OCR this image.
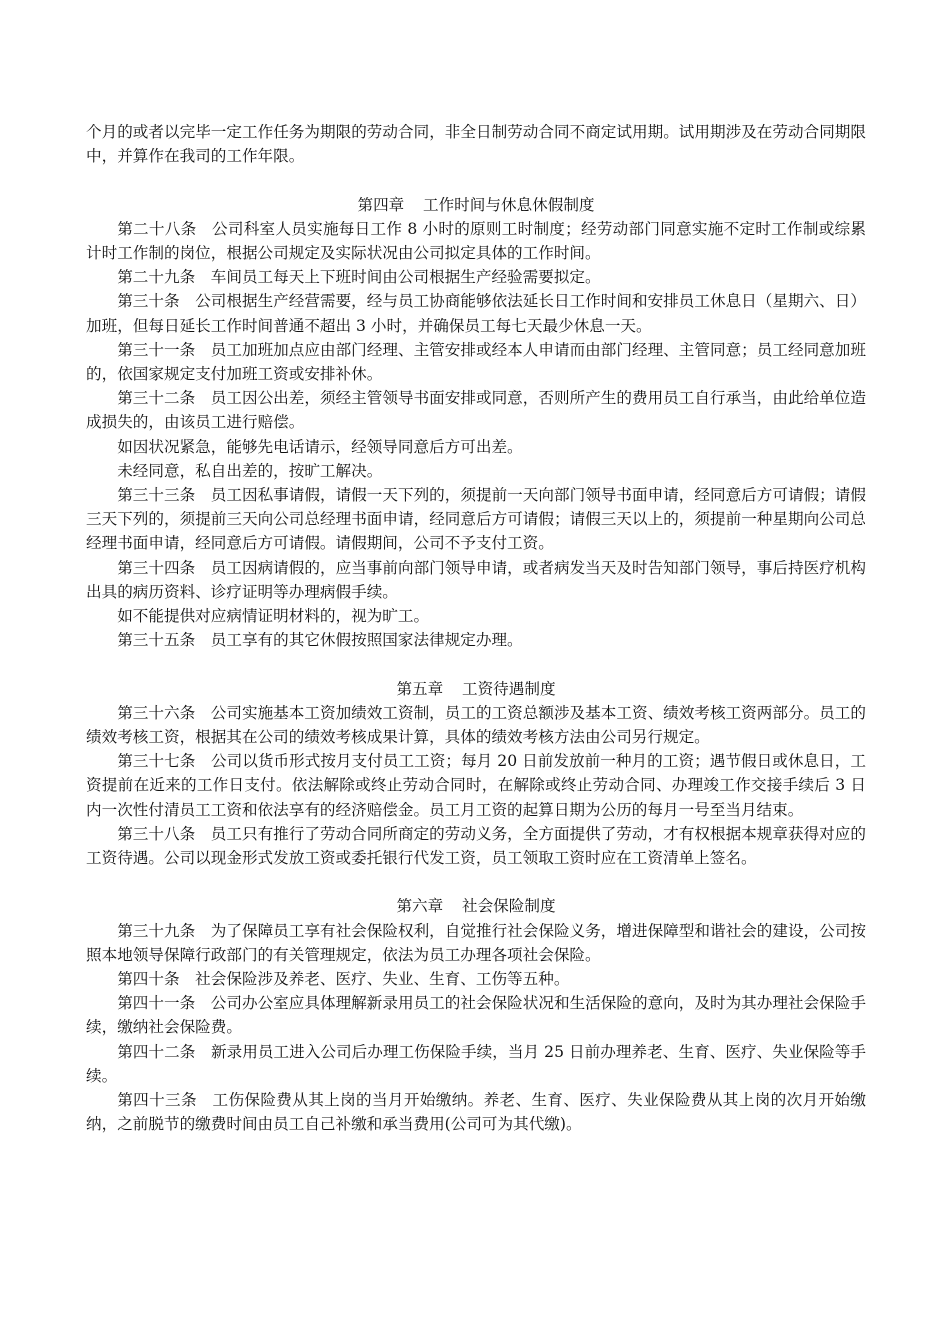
个月的或者以完毕一定工作任务为期限的劳动合同，非全日制劳动合同不商定试用期。试用期涉及在劳动合同期限中，并算作在我司的工作年限。

第四章 工作时间与休息休假制度

第二十八条 公司科室人员实施每日工作 8 小时的原则工时制度；经劳动部门同意实施不定时工作制或综累计时工作制的岗位，根据公司规定及实际状况由公司拟定具体的工作时间。

第二十九条 车间员工每天上下班时间由公司根据生产经验需要拟定。

第三十条 公司根据生产经营需要，经与员工协商能够依法延长日工作时间和安排员工休息日（星期六、日）加班，但每日延长工作时间普通不超出 3 小时，并确保员工每七天最少休息一天。

第三十一条 员工加班加点应由部门经理、主管安排或经本人申请而由部门经理、主管同意；员工经同意加班的，依国家规定支付加班工资或安排补休。

第三十二条 员工因公出差，须经主管领导书面安排或同意，否则所产生的费用员工自行承当，由此给单位造成损失的，由该员工进行赔偿。

如因状况紧急，能够先电话请示，经领导同意后方可出差。

未经同意，私自出差的，按旷工解决。

第三十三条 员工因私事请假，请假一天下列的，须提前一天向部门领导书面申请，经同意后方可请假；请假三天下列的，须提前三天向公司总经理书面申请，经同意后方可请假；请假三天以上的，须提前一种星期向公司总经理书面申请，经同意后方可请假。请假期间，公司不予支付工资。

第三十四条 员工因病请假的，应当事前向部门领导申请，或者病发当天及时告知部门领导，事后持医疗机构出具的病历资料、诊疗证明等办理病假手续。

如不能提供对应病情证明材料的，视为旷工。

第三十五条 员工享有的其它休假按照国家法律规定办理。

第五章 工资待遇制度

第三十六条 公司实施基本工资加绩效工资制，员工的工资总额涉及基本工资、绩效考核工资两部分。员工的绩效考核工资，根据其在公司的绩效考核成果计算，具体的绩效考核方法由公司另行规定。

第三十七条 公司以货币形式按月支付员工工资；每月 20 日前发放前一种月的工资；遇节假日或休息日，工资提前在近来的工作日支付。依法解除或终止劳动合同时，在解除或终止劳动合同、办理竣工作交接手续后 3 日内一次性付清员工工资和依法享有的经济赔偿金。员工月工资的起算日期为公历的每月一号至当月结束。

第三十八条 员工只有推行了劳动合同所商定的劳动义务，全方面提供了劳动，才有权根据本规章获得对应的工资待遇。公司以现金形式发放工资或委托银行代发工资，员工领取工资时应在工资清单上签名。

第六章 社会保险制度

第三十九条 为了保障员工享有社会保险权利，自觉推行社会保险义务，增进保障型和谐社会的建设，公司按照本地领导保障行政部门的有关管理规定，依法为员工办理各项社会保险。

第四十条 社会保险涉及养老、医疗、失业、生育、工伤等五种。

第四十一条 公司办公室应具体理解新录用员工的社会保险状况和生活保险的意向，及时为其办理社会保险手续，缴纳社会保险费。

第四十二条 新录用员工进入公司后办理工伤保险手续，当月 25 日前办理养老、生育、医疗、失业保险等手续。

第四十三条 工伤保险费从其上岗的当月开始缴纳。养老、生育、医疗、失业保险费从其上岗的次月开始缴纳，之前脱节的缴费时间由员工自己补缴和承当费用(公司可为其代缴)。
